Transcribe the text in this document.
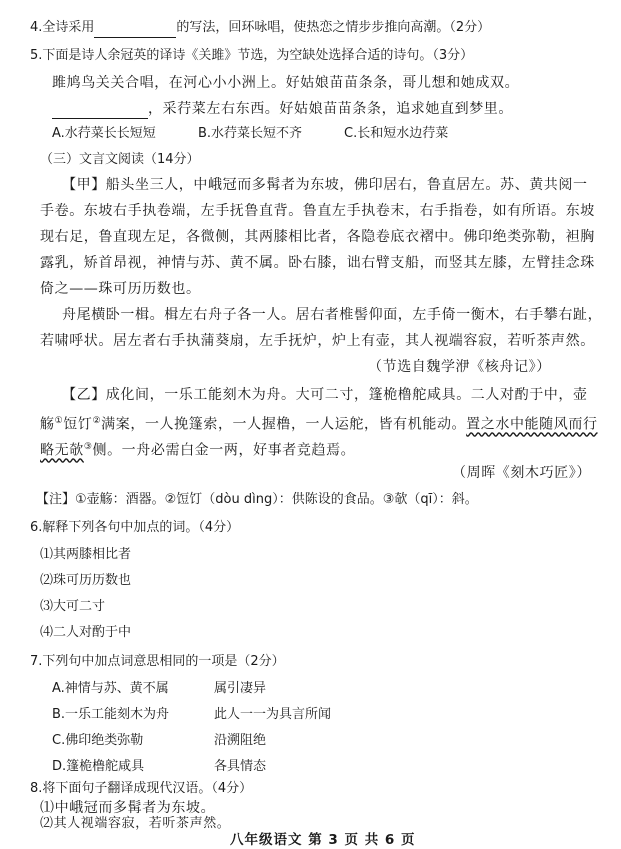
4.全诗采用	的写法，回环咏唱，使热恋之情步步推向高潮。（2分）
5.下面是诗人余冠英的译诗《关雎》节选，为空缺处选择合适的诗句。（3分）
雎鸠鸟关关合唱，在河心小小洲上。好姑娘苗苗条条，哥儿想和她成双。
，采荇菜左右东西。好姑娘苗苗条条，追求她直到梦里。
A.水荇菜长长短短	B.水荇菜长短不齐	C.长和短水边荇菜
（三）文言文阅读（14分）
【甲】船头坐三人，中峨冠而多髯者为东坡，佛印居右，鲁直居左。苏、黄共阅一
手卷。东坡右手执卷端，左手抚鲁直背。鲁直左手执卷末，右手指卷，如有所语。东坡
现右足，鲁直现左足，各微侧，其两膝相比者，各隐卷底衣褶中。佛印绝类弥勒，袒胸
露乳，矫首昂视，神情与苏、黄不属。卧右膝，诎右臂支船，而竖其左膝，左臂挂念珠
倚之——珠可历历数也。
舟尾横卧一楫。楫左右舟子各一人。居右者椎髻仰面，左手倚一衡木，右手攀右趾，
若啸呼状。居左者右手执蒲葵扇，左手抚炉，炉上有壶，其人视端容寂，若听茶声然。
（节选自魏学洢《核舟记》）
【乙】成化间，一乐工能刻木为舟。大可二寸，篷桅橹舵咸具。二人对酌于中，壶
觞①饾饤②满案，一人挽篷索，一人握橹，一人运舵，皆有机能动。置之水中能随风而行
略无欹③侧。一舟必需白金一两，好事者竞趋焉。
（周晖《刻木巧匠》）
【注】①壶觞：酒器。②饾饤（dòu dìng）：供陈设的食品。③欹（qī）：斜。
6.解释下列各句中加点的词。（4分）
⑴其两膝相比者
⑵珠可历历数也
⑶大可二寸
⑷二人对酌于中
7.下列句中加点词意思相同的一项是（2分）
A.神情与苏、黄不属	属引凄异
B.一乐工能刻木为舟	此人一一为具言所闻
C.佛印绝类弥勒	沿溯阻绝
D.篷桅橹舵咸具	各具情态
8.将下面句子翻译成现代汉语。（4分）
⑴中峨冠而多髯者为东坡。
⑵其人视端容寂，若听茶声然。
八年级语文 第 3 页 共 6 页
